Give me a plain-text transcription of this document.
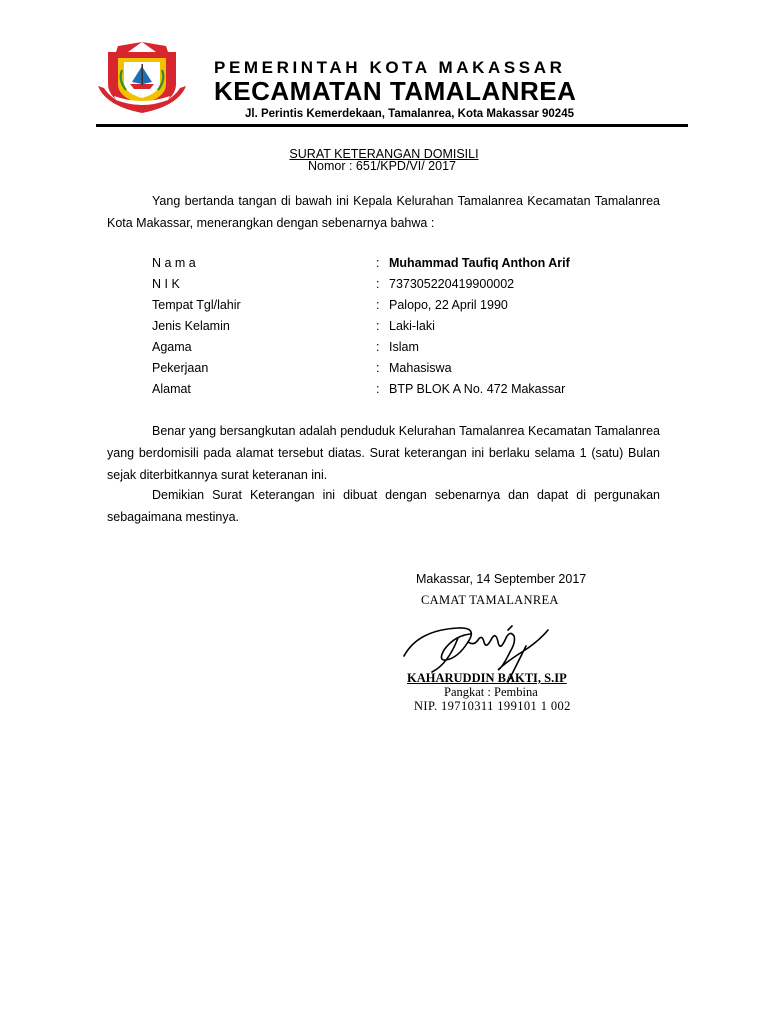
PEMERINTAH KOTA MAKASSAR
KECAMATAN TAMALANREA
Jl. Perintis Kemerdekaan, Tamalanrea, Kota Makassar 90245
SURAT KETERANGAN DOMISILI
Nomor : 651/KPD/VI/ 2017
Yang bertanda tangan di bawah ini Kepala Kelurahan Tamalanrea Kecamatan Tamalanrea Kota Makassar, menerangkan dengan sebenarnya bahwa :
N a m a	: Muhammad Taufiq Anthon Arif
N I K	: 737305220419900002
Tempat Tgl/lahir	: Palopo, 22 April 1990
Jenis Kelamin	: Laki-laki
Agama	: Islam
Pekerjaan	: Mahasiswa
Alamat	: BTP BLOK A No. 472 Makassar
Benar yang bersangkutan adalah penduduk Kelurahan Tamalanrea Kecamatan Tamalanrea yang berdomisili pada alamat tersebut diatas. Surat keterangan ini berlaku selama 1 (satu) Bulan sejak diterbitkannya surat keteranan ini.
Demikian Surat Keterangan ini dibuat dengan sebenarnya dan dapat di pergunakan sebagaimana mestinya.
Makassar, 14 September 2017
CAMAT TAMALANREA
KAHARUDDIN BAKTI, S.IP
Pangkat : Pembina
NIP. 19710311 199101 1 002
